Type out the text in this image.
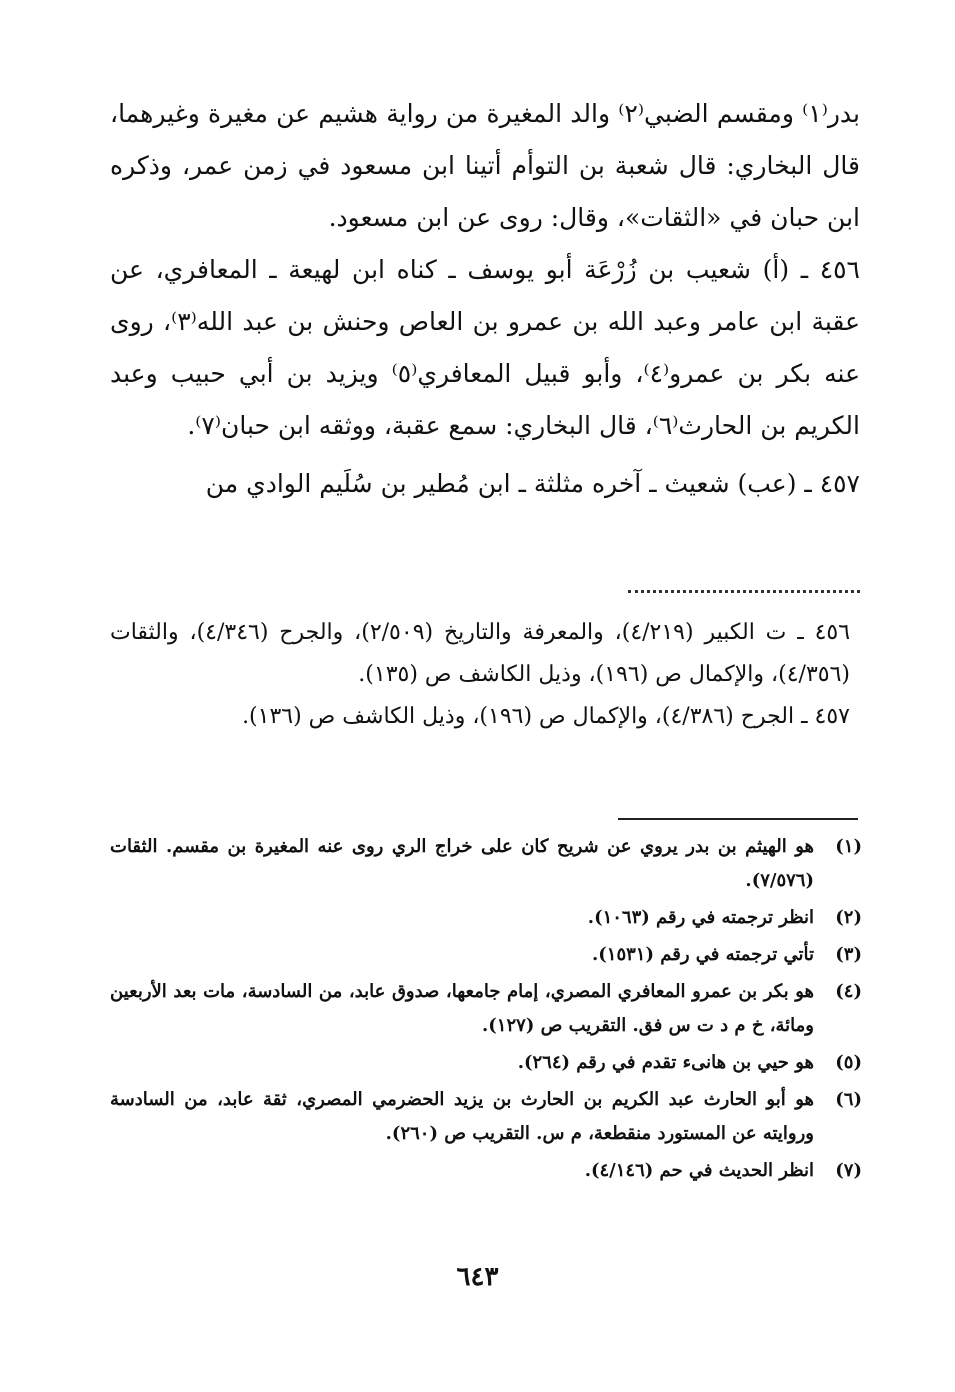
بدر⁽١⁾ ومقسم الضبي⁽٢⁾ والد المغيرة من رواية هشيم عن مغيرة وغيرهما، قال البخاري: قال شعبة بن التوأم أتينا ابن مسعود في زمن عمر، وذكره ابن حبان في «الثقات»، وقال: روى عن ابن مسعود.

٤٥٦ ـ (أ) شعيب بن زُرْعَة أبو يوسف ـ كناه ابن لهيعة ـ المعافري، عن عقبة ابن عامر وعبد الله بن عمرو بن العاص وحنش بن عبد الله⁽٣⁾، روى عنه بكر بن عمرو⁽٤⁾، وأبو قبيل المعافري⁽٥⁾ ويزيد بن أبي حبيب وعبد الكريم بن الحارث⁽٦⁾، قال البخاري: سمع عقبة، ووثقه ابن حبان⁽٧⁾.

٤٥٧ ـ (عب) شعيث ـ آخره مثلثة ـ ابن مُطير بن سُلَيم الوادي من

٤٥٦ ـ ت الكبير (٤/٢١٩)، والمعرفة والتاريخ (٢/٥٠٩)، والجرح (٤/٣٤٦)، والثقات (٤/٣٥٦)، والإكمال ص (١٩٦)، وذيل الكاشف ص (١٣٥).

٤٥٧ ـ الجرح (٤/٣٨٦)، والإكمال ص (١٩٦)، وذيل الكاشف ص (١٣٦).

(١)
هو الهيثم بن بدر يروي عن شريح كان على خراج الري روى عنه المغيرة بن مقسم. الثقات (٧/٥٧٦).
(٢)
انظر ترجمته في رقم (١٠٦٣).
(٣)
تأتي ترجمته في رقم (١٥٣١).
(٤)
هو بكر بن عمرو المعافري المصري، إمام جامعها، صدوق عابد، من السادسة، مات بعد الأربعين ومائة، خ م د ت س فق. التقريب ص (١٢٧).
(٥)
هو حيي بن هانىء تقدم في رقم (٢٦٤).
(٦)
هو أبو الحارث عبد الكريم بن الحارث بن يزيد الحضرمي المصري، ثقة عابد، من السادسة وروايته عن المستورد منقطعة، م س. التقريب ص (٢٦٠).
(٧)
انظر الحديث في حم (٤/١٤٦).
٦٤٣
